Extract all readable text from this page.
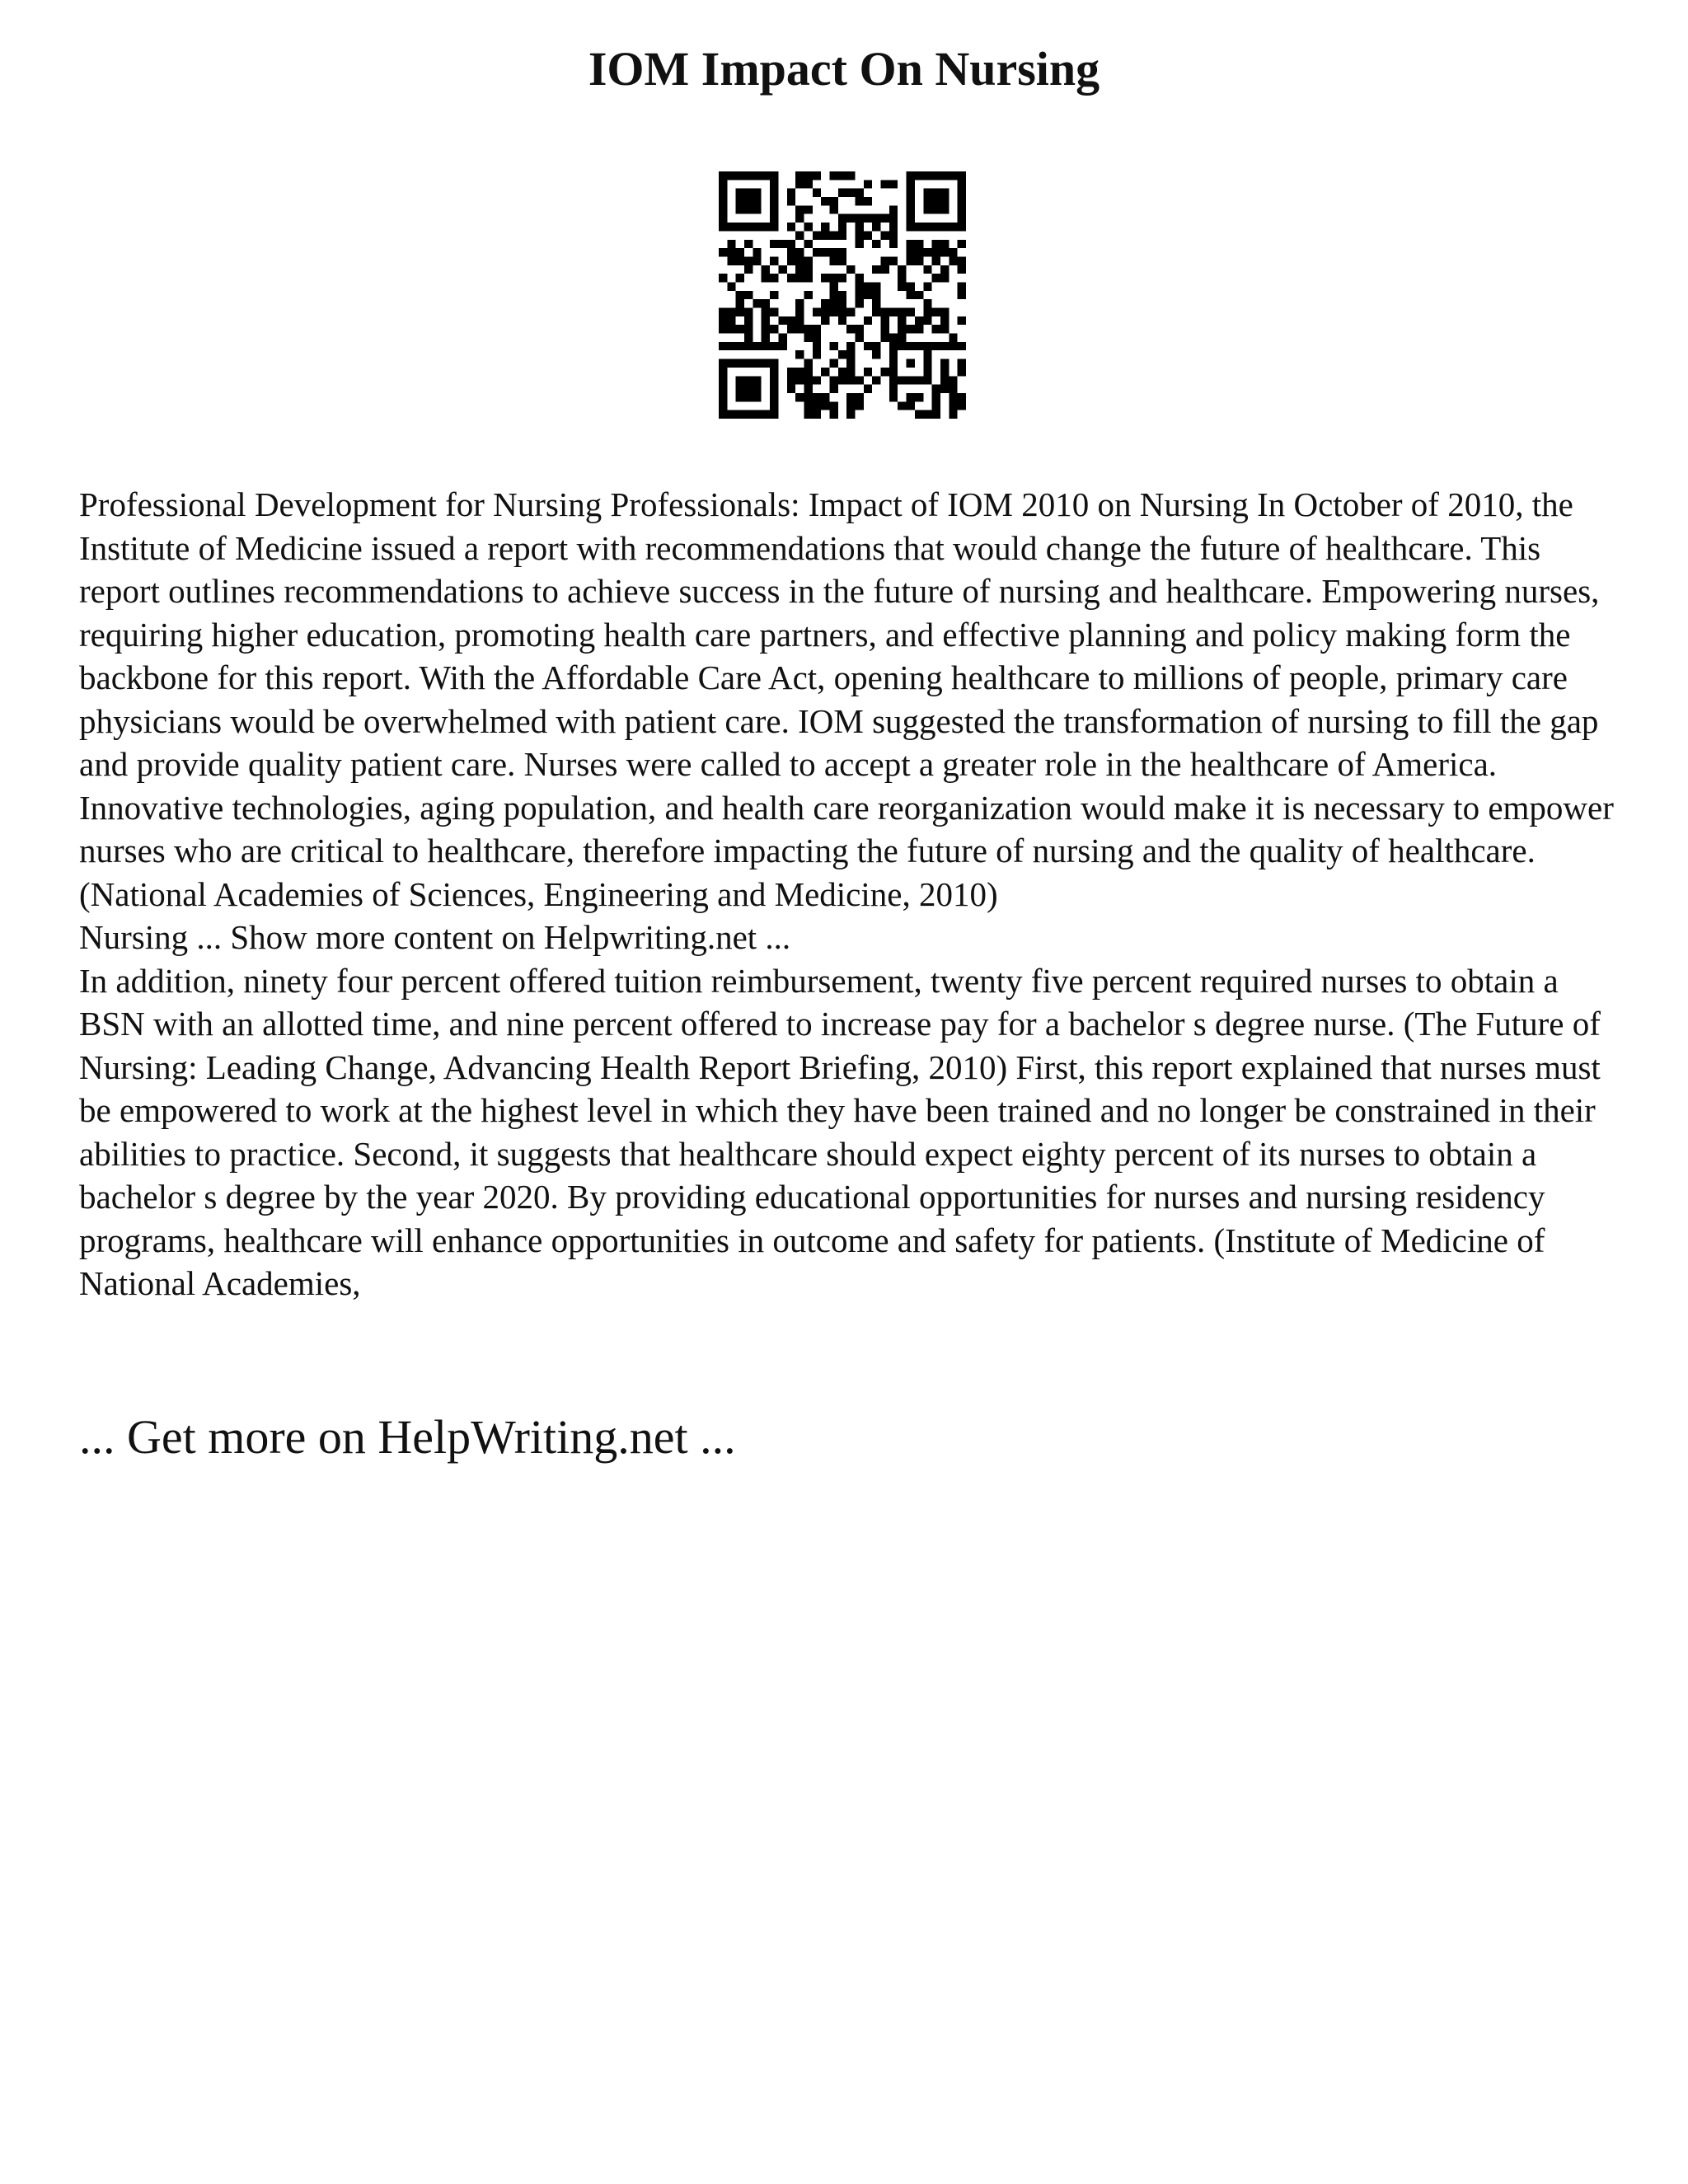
IOM Impact On Nursing

Professional Development for Nursing Professionals: Impact of IOM 2010 on Nursing In October of 2010, the Institute of Medicine issued a report with recommendations that would change the future of healthcare. This report outlines recommendations to achieve success in the future of nursing and healthcare. Empowering nurses, requiring higher education, promoting health care partners, and effective planning and policy making form the backbone for this report. With the Affordable Care Act, opening healthcare to millions of people, primary care physicians would be overwhelmed with patient care. IOM suggested the transformation of nursing to fill the gap and provide quality patient care. Nurses were called to accept a greater role in the healthcare of America. Innovative technologies, aging population, and health care reorganization would make it is necessary to empower nurses who are critical to healthcare, therefore impacting the future of nursing and the quality of healthcare. (National Academies of Sciences, Engineering and Medicine, 2010)

Nursing ... Show more content on Helpwriting.net ...

In addition, ninety four percent offered tuition reimbursement, twenty five percent required nurses to obtain a BSN with an allotted time, and nine percent offered to increase pay for a bachelor s degree nurse. (The Future of Nursing: Leading Change, Advancing Health Report Briefing, 2010) First, this report explained that nurses must be empowered to work at the highest level in which they have been trained and no longer be constrained in their abilities to practice. Second, it suggests that healthcare should expect eighty percent of its nurses to obtain a bachelor s degree by the year 2020. By providing educational opportunities for nurses and nursing residency programs, healthcare will enhance opportunities in outcome and safety for patients. (Institute of Medicine of National Academies,

... Get more on HelpWriting.net ...
